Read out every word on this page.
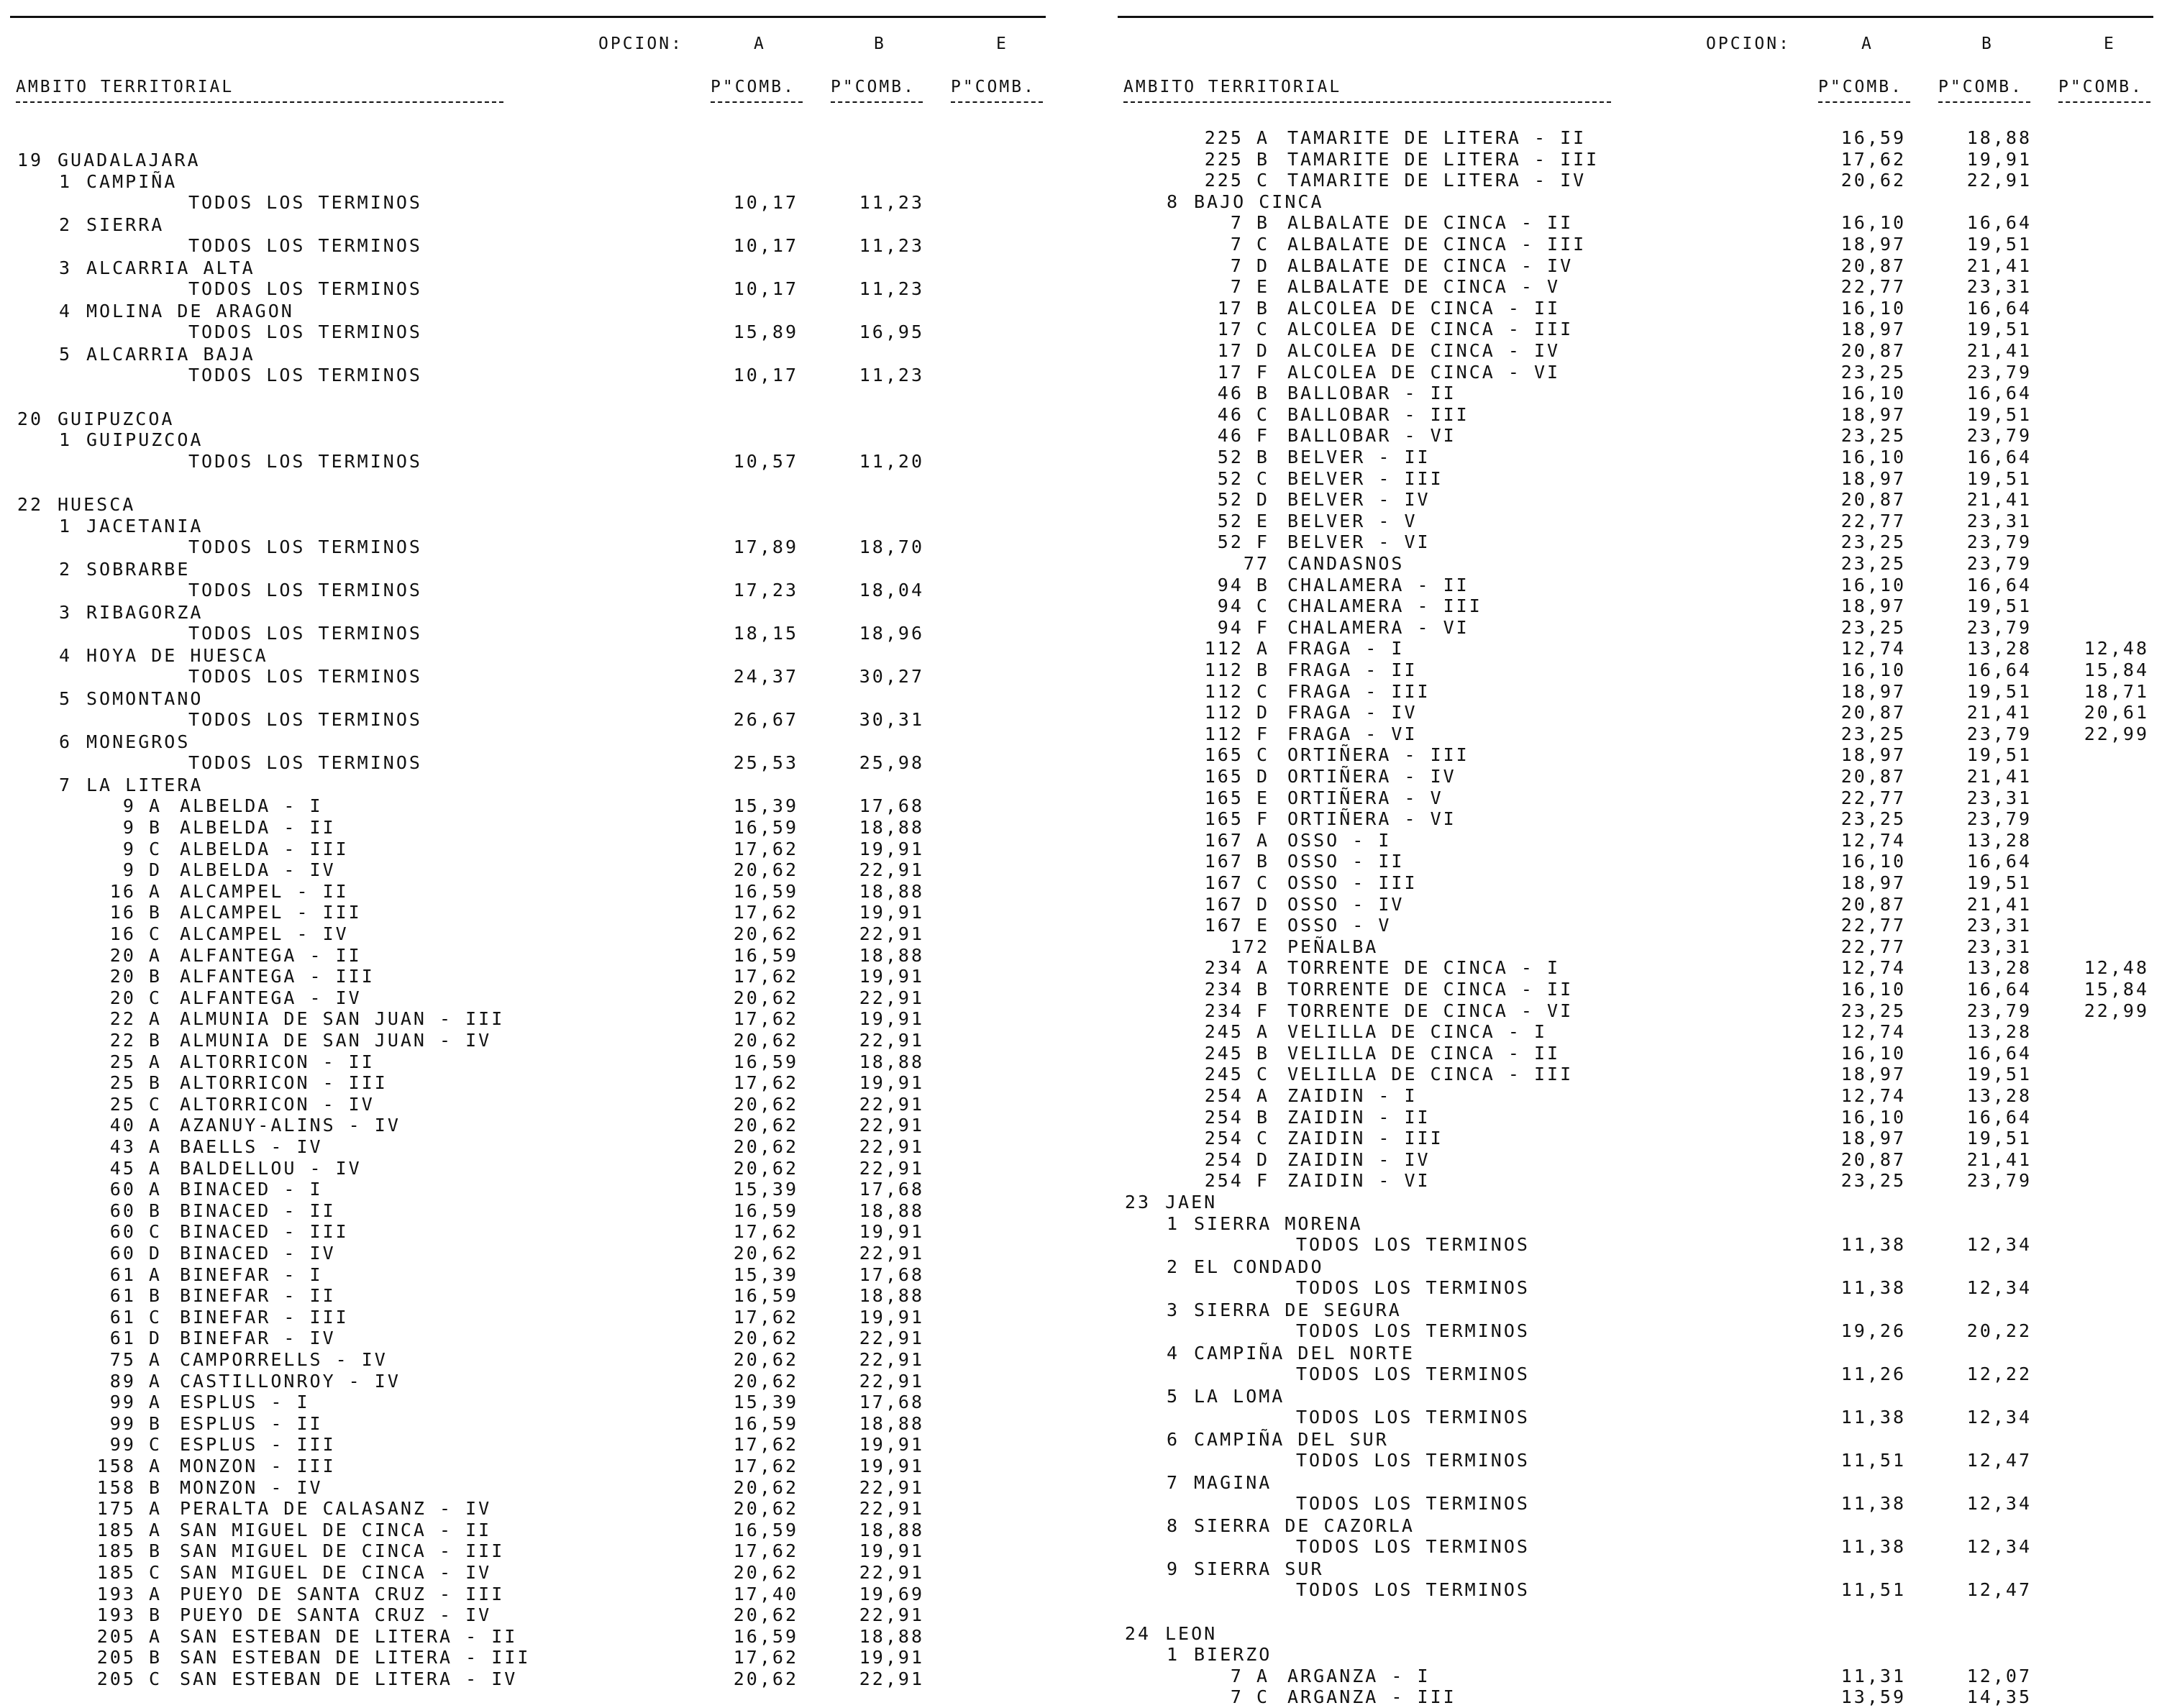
OPCION:	A	B	E
AMBITO TERRITORIAL	P"COMB. P"COMB. P"COMB.
19 GUADALAJARA
1 CAMPIÑA
TODOS LOS TERMINOS	10,17	11,23
2 SIERRA
TODOS LOS TERMINOS	10,17	11,23
3 ALCARRIA ALTA
TODOS LOS TERMINOS	10,17	11,23
4 MOLINA DE ARAGON
TODOS LOS TERMINOS	15,89	16,95
5 ALCARRIA BAJA
TODOS LOS TERMINOS	10,17	11,23
20 GUIPUZCOA
1 GUIPUZCOA
TODOS LOS TERMINOS	10,57	11,20
22 HUESCA
1 JACETANIA
TODOS LOS TERMINOS	17,89	18,70
2 SOBRARBE
TODOS LOS TERMINOS	17,23	18,04
3 RIBAGORZA
TODOS LOS TERMINOS	18,15	18,96
4 HOYA DE HUESCA
TODOS LOS TERMINOS	24,37	30,27
5 SOMONTANO
TODOS LOS TERMINOS	26,67	30,31
6 MONEGROS
TODOS LOS TERMINOS	25,53	25,98
7 LA LITERA
9 A ALBELDA - I	15,39	17,68
9 B ALBELDA - II	16,59	18,88
9 C ALBELDA - III	17,62	19,91
9 D ALBELDA - IV	20,62	22,91
16 A ALCAMPEL - II	16,59	18,88
16 B ALCAMPEL - III	17,62	19,91
16 C ALCAMPEL - IV	20,62	22,91
20 A ALFANTEGA - II	16,59	18,88
20 B ALFANTEGA - III	17,62	19,91
20 C ALFANTEGA - IV	20,62	22,91
22 A ALMUNIA DE SAN JUAN - III	17,62	19,91
22 B ALMUNIA DE SAN JUAN - IV	20,62	22,91
25 A ALTORRICON - II	16,59	18,88
25 B ALTORRICON - III	17,62	19,91
25 C ALTORRICON - IV	20,62	22,91
40 A AZANUY-ALINS - IV	20,62	22,91
43 A BAELLS - IV	20,62	22,91
45 A BALDELLOU - IV	20,62	22,91
60 A BINACED - I	15,39	17,68
60 B BINACED - II	16,59	18,88
60 C BINACED - III	17,62	19,91
60 D BINACED - IV	20,62	22,91
61 A BINEFAR - I	15,39	17,68
61 B BINEFAR - II	16,59	18,88
61 C BINEFAR - III	17,62	19,91
61 D BINEFAR - IV	20,62	22,91
75 A CAMPORRELLS - IV	20,62	22,91
89 A CASTILLONROY - IV	20,62	22,91
99 A ESPLUS - I	15,39	17,68
99 B ESPLUS - II	16,59	18,88
99 C ESPLUS - III	17,62	19,91
158 A MONZON - III	17,62	19,91
158 B MONZON - IV	20,62	22,91
175 A PERALTA DE CALASANZ - IV	20,62	22,91
185 A SAN MIGUEL DE CINCA - II	16,59	18,88
185 B SAN MIGUEL DE CINCA - III	17,62	19,91
185 C SAN MIGUEL DE CINCA - IV	20,62	22,91
193 A PUEYO DE SANTA CRUZ - III	17,40	19,69
193 B PUEYO DE SANTA CRUZ - IV	20,62	22,91
205 A SAN ESTEBAN DE LITERA - II	16,59	18,88
205 B SAN ESTEBAN DE LITERA - III	17,62	19,91
205 C SAN ESTEBAN DE LITERA - IV	20,62	22,91
OPCION:	A	B	E
AMBITO TERRITORIAL	P"COMB. P"COMB. P"COMB.
225 A TAMARITE DE LITERA - II	16,59	18,88
225 B TAMARITE DE LITERA - III	17,62	19,91
225 C TAMARITE DE LITERA - IV	20,62	22,91
8 BAJO CINCA
7 B ALBALATE DE CINCA - II	16,10	16,64
7 C ALBALATE DE CINCA - III	18,97	19,51
7 D ALBALATE DE CINCA - IV	20,87	21,41
7 E ALBALATE DE CINCA - V	22,77	23,31
17 B ALCOLEA DE CINCA - II	16,10	16,64
17 C ALCOLEA DE CINCA - III	18,97	19,51
17 D ALCOLEA DE CINCA - IV	20,87	21,41
17 F ALCOLEA DE CINCA - VI	23,25	23,79
46 B BALLOBAR - II	16,10	16,64
46 C BALLOBAR - III	18,97	19,51
46 F BALLOBAR - VI	23,25	23,79
52 B BELVER - II	16,10	16,64
52 C BELVER - III	18,97	19,51
52 D BELVER - IV	20,87	21,41
52 E BELVER - V	22,77	23,31
52 F BELVER - VI	23,25	23,79
77 CANDASNOS	23,25	23,79
94 B CHALAMERA - II	16,10	16,64
94 C CHALAMERA - III	18,97	19,51
94 F CHALAMERA - VI	23,25	23,79
112 A FRAGA - I	12,74	13,28	12,48
112 B FRAGA - II	16,10	16,64	15,84
112 C FRAGA - III	18,97	19,51	18,71
112 D FRAGA - IV	20,87	21,41	20,61
112 F FRAGA - VI	23,25	23,79	22,99
165 C ORTIÑERA - III	18,97	19,51
165 D ORTIÑERA - IV	20,87	21,41
165 E ORTIÑERA - V	22,77	23,31
165 F ORTIÑERA - VI	23,25	23,79
167 A OSSO - I	12,74	13,28
167 B OSSO - II	16,10	16,64
167 C OSSO - III	18,97	19,51
167 D OSSO - IV	20,87	21,41
167 E OSSO - V	22,77	23,31
172 PEÑALBA	22,77	23,31
234 A TORRENTE DE CINCA - I	12,74	13,28	12,48
234 B TORRENTE DE CINCA - II	16,10	16,64	15,84
234 F TORRENTE DE CINCA - VI	23,25	23,79	22,99
245 A VELILLA DE CINCA - I	12,74	13,28
245 B VELILLA DE CINCA - II	16,10	16,64
245 C VELILLA DE CINCA - III	18,97	19,51
254 A ZAIDIN - I	12,74	13,28
254 B ZAIDIN - II	16,10	16,64
254 C ZAIDIN - III	18,97	19,51
254 D ZAIDIN - IV	20,87	21,41
254 F ZAIDIN - VI	23,25	23,79
23 JAEN
1 SIERRA MORENA
TODOS LOS TERMINOS	11,38	12,34
2 EL CONDADO
TODOS LOS TERMINOS	11,38	12,34
3 SIERRA DE SEGURA
TODOS LOS TERMINOS	19,26	20,22
4 CAMPIÑA DEL NORTE
TODOS LOS TERMINOS	11,26	12,22
5 LA LOMA
TODOS LOS TERMINOS	11,38	12,34
6 CAMPIÑA DEL SUR
TODOS LOS TERMINOS	11,51	12,47
7 MAGINA
TODOS LOS TERMINOS	11,38	12,34
8 SIERRA DE CAZORLA
TODOS LOS TERMINOS	11,38	12,34
9 SIERRA SUR
TODOS LOS TERMINOS	11,51	12,47
24 LEON
1 BIERZO
7 A ARGANZA - I	11,31	12,07
7 C ARGANZA - III	13,59	14,35
